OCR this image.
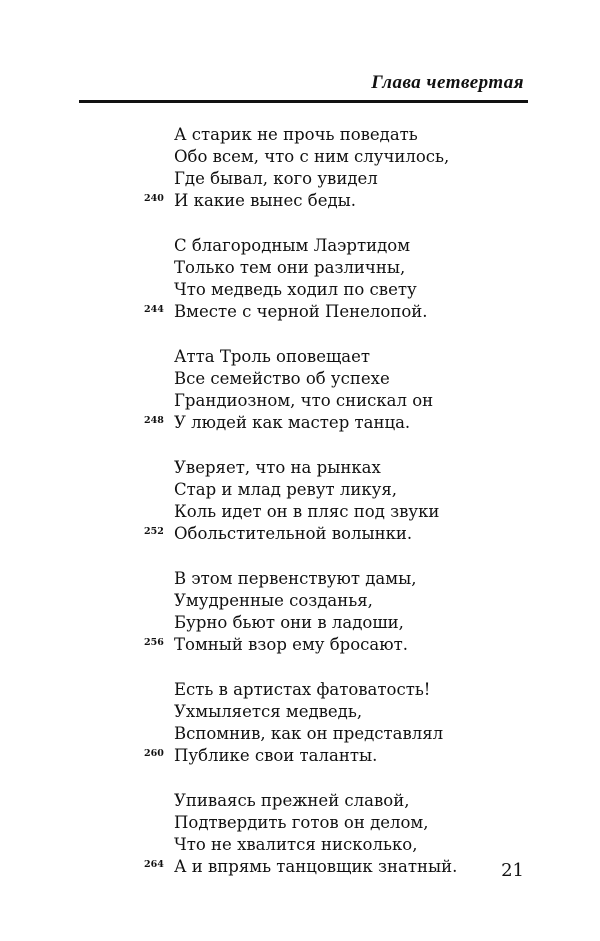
Глава четвертая
А старик не прочь поведать
Обо всем, что с ним случилось,
Где бывал, кого увидел
240 И какие вынес беды.
С благородным Лаэртидом
Только тем они различны,
Что медведь ходил по свету
244 Вместе с черной Пенелопой.
Атта Троль оповещает
Все семейство об успехе
Грандиозном, что снискал он
248 У людей как мастер танца.
Уверяет, что на рынках
Стар и млад ревут ликуя,
Коль идет он в пляс под звуки
252 Обольстительной волынки.
В этом первенствуют дамы,
Умудренные созданья,
Бурно бьют они в ладоши,
256 Томный взор ему бросают.
Есть в артистах фатоватость!
Ухмыляется медведь,
Вспомнив, как он представлял
260 Публике свои таланты.
Упиваясь прежней славой,
Подтвердить готов он делом,
Что не хвалится нисколько,
264 А и впрямь танцовщик знатный. 21
